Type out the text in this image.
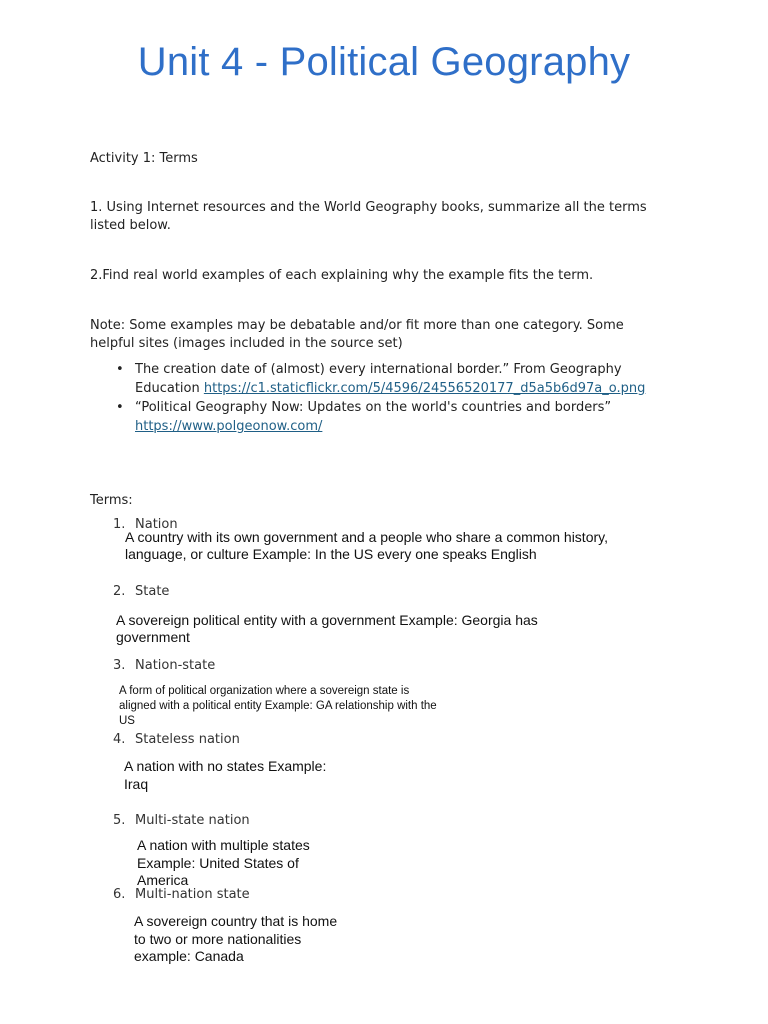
Unit 4 - Political Geography
Activity 1: Terms
1. Using Internet resources and the World Geography books, summarize all the terms listed below.
2.Find real world examples of each explaining why the example fits the term.
Note: Some examples may be debatable and/or fit more than one category. Some helpful sites (images included in the source set)
• The creation date of (almost) every international border.” From Geography Education https://c1.staticflickr.com/5/4596/24556520177_d5a5b6d97a_o.png
• “Political Geography Now: Updates on the world's countries and borders” https://www.polgeonow.com/
Terms:
1. Nation
A country with its own government and a people who share a common history, language, or culture Example: In the US every one speaks English
2. State
A sovereign political entity with a government Example: Georgia has government
3. Nation-state
A form of political organization where a sovereign state is aligned with a political entity Example: GA relationship with the US
4. Stateless nation
A nation with no states Example: Iraq
5. Multi-state nation
A nation with multiple states Example: United States of America
6. Multi-nation state
A sovereign country that is home to two or more nationalities example: Canada
